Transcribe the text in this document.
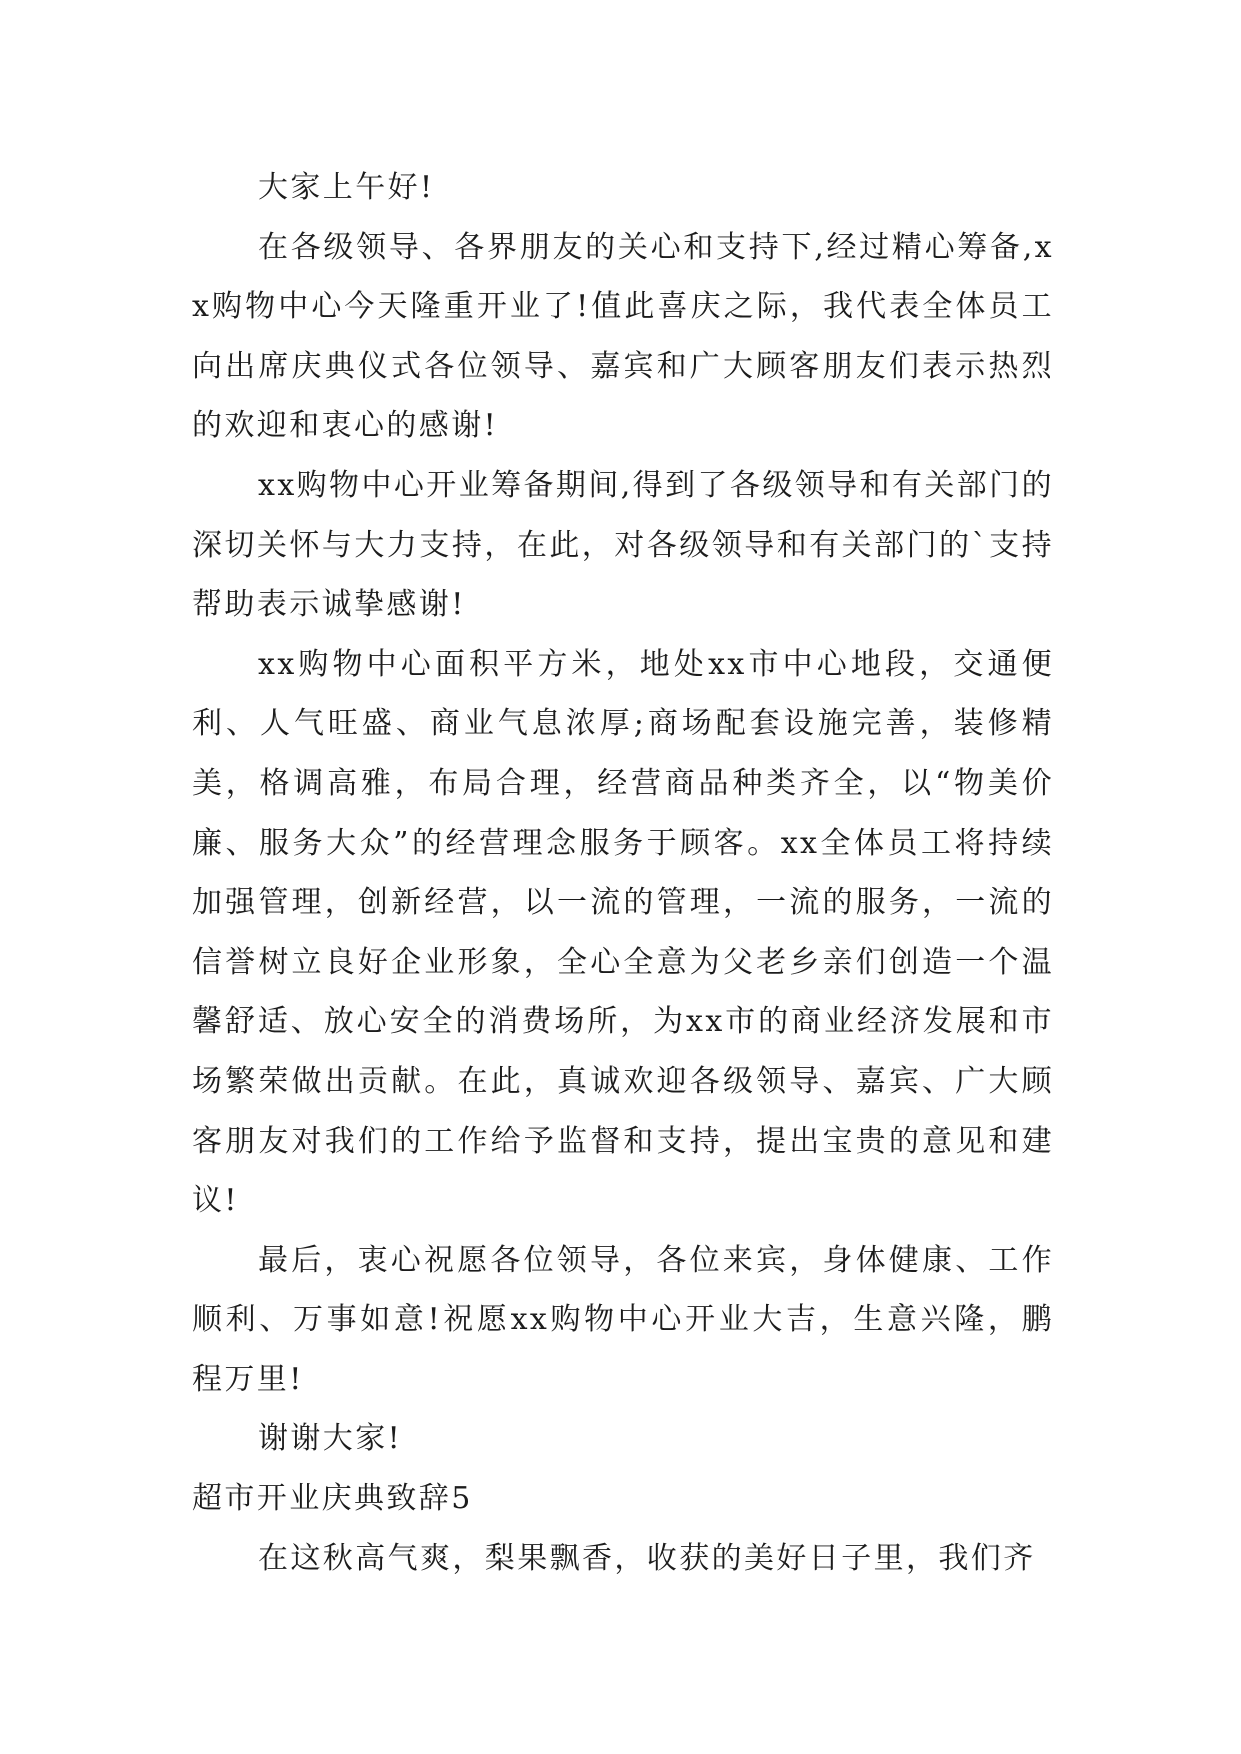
大家上午好!

在各级领导、各界朋友的关心和支持下,经过精心筹备,xx购物中心今天隆重开业了!值此喜庆之际，我代表全体员工向出席庆典仪式各位领导、嘉宾和广大顾客朋友们表示热烈的欢迎和衷心的感谢!

xx购物中心开业筹备期间,得到了各级领导和有关部门的深切关怀与大力支持，在此，对各级领导和有关部门的`支持帮助表示诚挚感谢!

xx购物中心面积平方米，地处xx市中心地段，交通便利、人气旺盛、商业气息浓厚;商场配套设施完善，装修精美，格调高雅，布局合理，经营商品种类齐全，以“物美价廉、服务大众”的经营理念服务于顾客。xx全体员工将持续加强管理，创新经营，以一流的管理，一流的服务，一流的信誉树立良好企业形象，全心全意为父老乡亲们创造一个温馨舒适、放心安全的消费场所，为xx市的商业经济发展和市场繁荣做出贡献。在此，真诚欢迎各级领导、嘉宾、广大顾客朋友对我们的工作给予监督和支持，提出宝贵的意见和建议!

最后，衷心祝愿各位领导，各位来宾，身体健康、工作顺利、万事如意!祝愿xx购物中心开业大吉，生意兴隆，鹏程万里!

谢谢大家!

超市开业庆典致辞5

在这秋高气爽，梨果飘香，收获的美好日子里，我们齐
